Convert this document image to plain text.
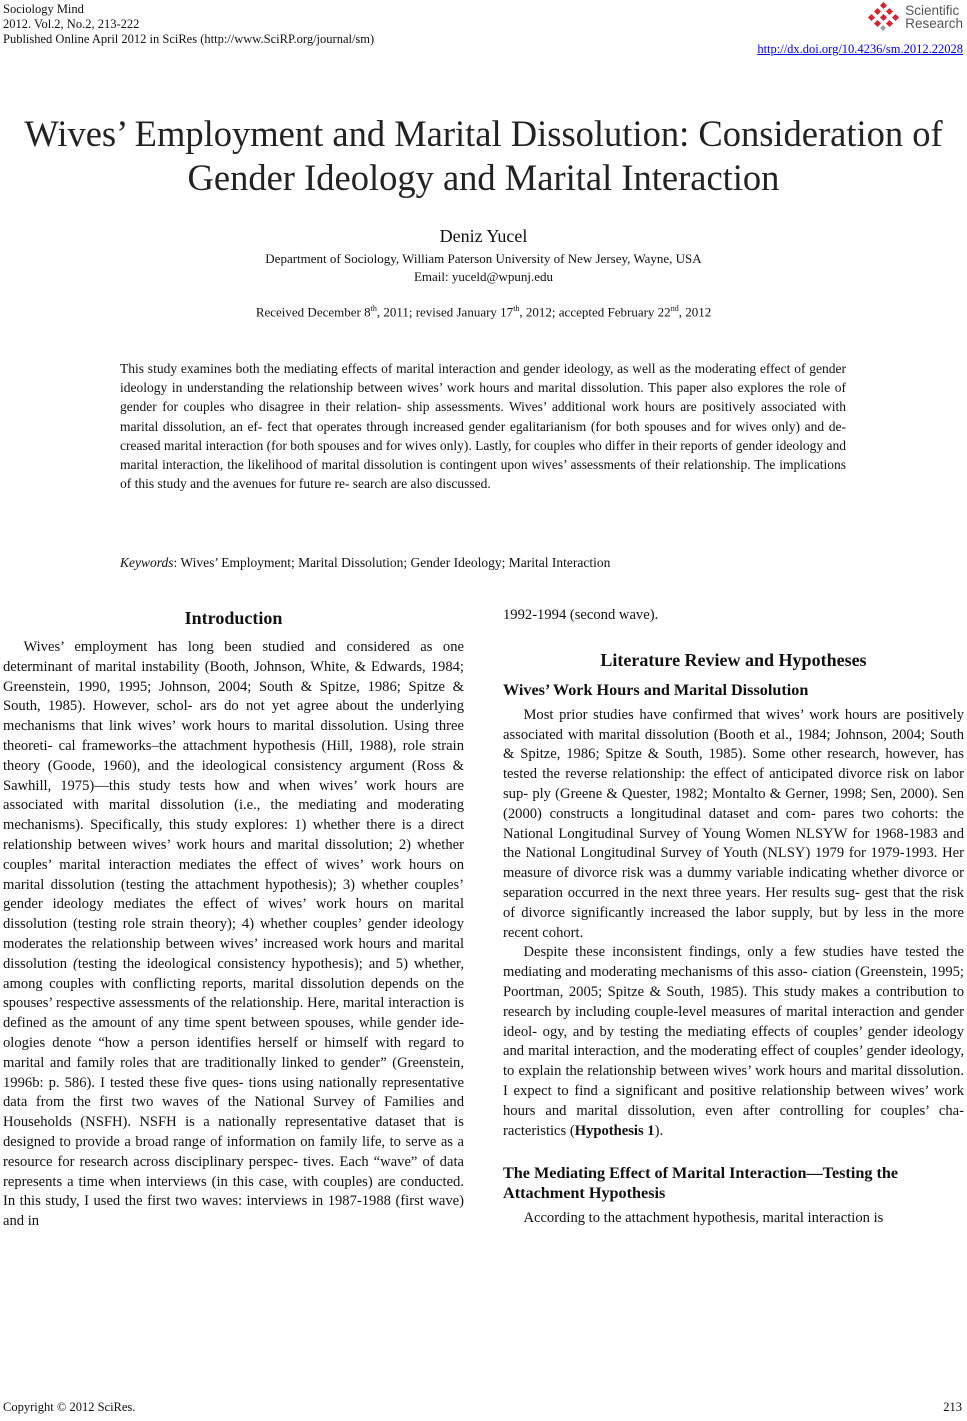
Sociology Mind
2012. Vol.2, No.2, 213-222
Published Online April 2012 in SciRes (http://www.SciRP.org/journal/sm)
Scientific
Research
http://dx.doi.org/10.4236/sm.2012.22028
Wives’ Employment and Marital Dissolution: Consideration of
Gender Ideology and Marital Interaction
Deniz Yucel
Department of Sociology, William Paterson University of New Jersey, Wayne, USA
Email: yuceld@wpunj.edu
Received December 8th, 2011; revised January 17th, 2012; accepted February 22nd, 2012
This study examines both the mediating effects of marital interaction and gender ideology, as well as the moderating effect of gender ideology in understanding the relationship between wives’ work hours and marital dissolution. This paper also explores the role of gender for couples who disagree in their relation- ship assessments. Wives’ additional work hours are positively associated with marital dissolution, an ef- fect that operates through increased gender egalitarianism (for both spouses and for wives only) and de- creased marital interaction (for both spouses and for wives only). Lastly, for couples who differ in their reports of gender ideology and marital interaction, the likelihood of marital dissolution is contingent upon wives’ assessments of their relationship. The implications of this study and the avenues for future re- search are also discussed.
Keywords: Wives’ Employment; Marital Dissolution; Gender Ideology; Marital Interaction
Introduction

Wives’ employment has long been studied and considered as one determinant of marital instability (Booth, Johnson, White, & Edwards, 1984; Greenstein, 1990, 1995; Johnson, 2004; South & Spitze, 1986; Spitze & South, 1985). However, schol- ars do not yet agree about the underlying mechanisms that link wives’ work hours to marital dissolution. Using three theoreti- cal frameworks–the attachment hypothesis (Hill, 1988), role strain theory (Goode, 1960), and the ideological consistency argument (Ross & Sawhill, 1975)—this study tests how and when wives’ work hours are associated with marital dissolution (i.e., the mediating and moderating mechanisms). Specifically, this study explores: 1) whether there is a direct relationship between wives’ work hours and marital dissolution; 2) whether couples’ marital interaction mediates the effect of wives’ work hours on marital dissolution (testing the attachment hypothesis); 3) whether couples’ gender ideology mediates the effect of wives’ work hours on marital dissolution (testing role strain theory); 4) whether couples’ gender ideology moderates the relationship between wives’ increased work hours and marital dissolution (testing the ideological consistency hypothesis); and 5) whether, among couples with conflicting reports, marital dissolution depends on the spouses’ respective assessments of the relationship. Here, marital interaction is defined as the amount of any time spent between spouses, while gender ide- ologies denote “how a person identifies herself or himself with regard to marital and family roles that are traditionally linked to gender” (Greenstein, 1996b: p. 586). I tested these five ques- tions using nationally representative data from the first two waves of the National Survey of Families and Households (NSFH). NSFH is a nationally representative dataset that is designed to provide a broad range of information on family life, to serve as a resource for research across disciplinary perspec- tives. Each “wave” of data represents a time when interviews (in this case, with couples) are conducted. In this study, I used the first two waves: interviews in 1987-1988 (first wave) and in

1992-1994 (second wave).

Literature Review and Hypotheses
Wives’ Work Hours and Marital Dissolution

Most prior studies have confirmed that wives’ work hours are positively associated with marital dissolution (Booth et al., 1984; Johnson, 2004; South & Spitze, 1986; Spitze & South, 1985). Some other research, however, has tested the reverse relationship: the effect of anticipated divorce risk on labor sup- ply (Greene & Quester, 1982; Montalto & Gerner, 1998; Sen, 2000). Sen (2000) constructs a longitudinal dataset and com- pares two cohorts: the National Longitudinal Survey of Young Women NLSYW for 1968-1983 and the National Longitudinal Survey of Youth (NLSY) 1979 for 1979-1993. Her measure of divorce risk was a dummy variable indicating whether divorce or separation occurred in the next three years. Her results sug- gest that the risk of divorce significantly increased the labor supply, but by less in the more recent cohort.

Despite these inconsistent findings, only a few studies have tested the mediating and moderating mechanisms of this asso- ciation (Greenstein, 1995; Poortman, 2005; Spitze & South, 1985). This study makes a contribution to research by including couple-level measures of marital interaction and gender ideol- ogy, and by testing the mediating effects of couples’ gender ideology and marital interaction, and the moderating effect of couples’ gender ideology, to explain the relationship between wives’ work hours and marital dissolution. I expect to find a significant and positive relationship between wives’ work hours and marital dissolution, even after controlling for couples’ cha- racteristics (Hypothesis 1).

The Mediating Effect of Marital Interaction—Testing the Attachment Hypothesis

According to the attachment hypothesis, marital interaction is

Copyright © 2012 SciRes.	213
